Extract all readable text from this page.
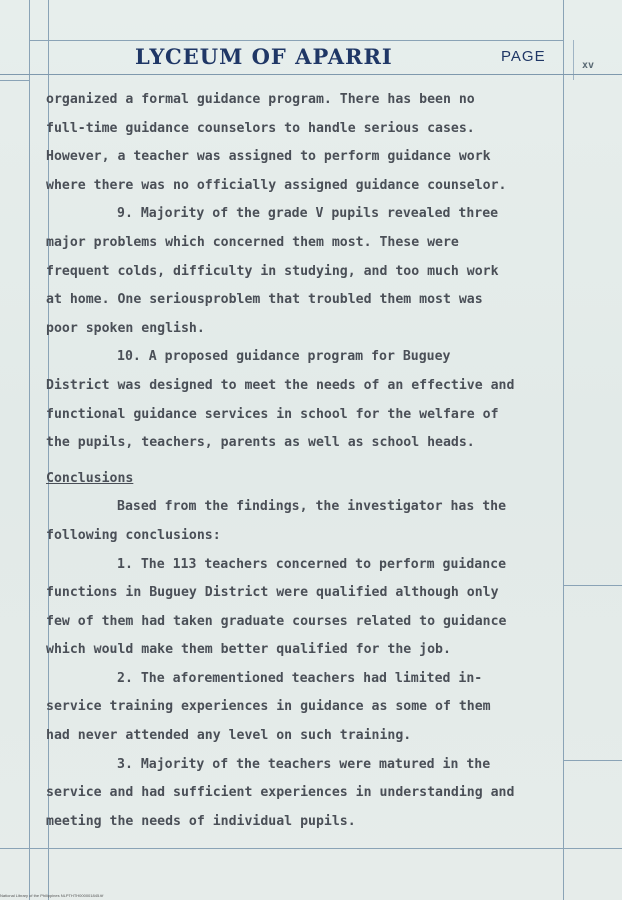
LYCEUM OF APARRI	PAGE
xv
organized a formal guidance program. There has been no
full-time guidance counselors to handle serious cases.
However, a teacher was assigned to perform guidance work
where there was no officially assigned guidance counselor.
9. Majority of the grade V pupils revealed three
major problems which concerned them most. These were
frequent colds, difficulty in studying, and too much work
at home. One seriousproblem that troubled them most was
poor spoken english.
10. A proposed guidance program for Buguey
District was designed to meet the needs of an effective and
functional guidance services in school for the welfare of
the pupils, teachers, parents as well as school heads.
Conclusions
Based from the findings, the investigator has the
following conclusions:
1. The 113 teachers concerned to perform guidance
functions in Buguey District were qualified although only
few of them had taken graduate courses related to guidance
which would make them better qualified for the job.
2. The aforementioned teachers had limited in-
service training experiences in guidance as some of them
had never attended any level on such training.
3. Majority of the teachers were matured in the
service and had sufficient experiences in understanding and
meeting the needs of individual pupils.
National Library of the Philippines NLPTHTH000001845.tif
